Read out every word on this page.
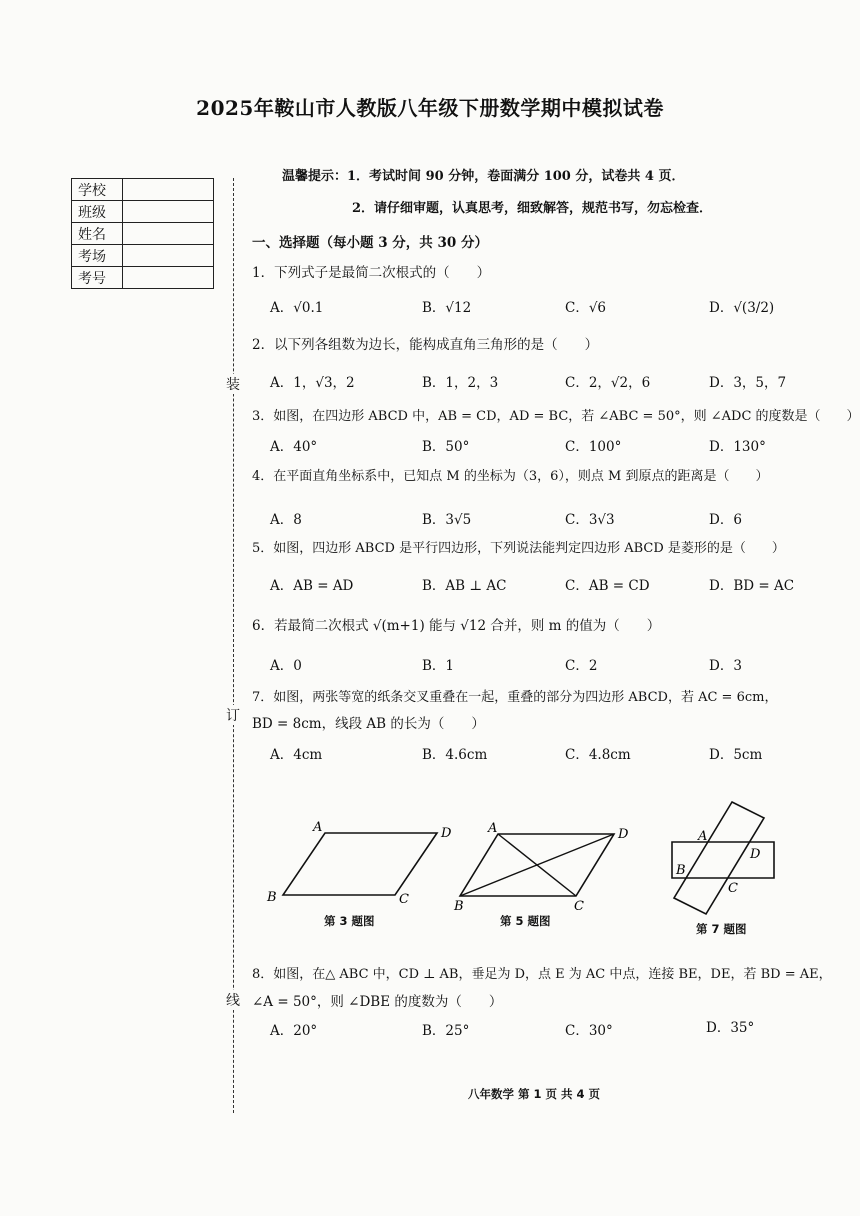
2025年鞍山市人教版八年级下册数学期中模拟试卷
温馨提示：1．考试时间 90 分钟，卷面满分 100 分，试卷共 4 页．
2．请仔细审题，认真思考，细致解答，规范书写，勿忘检查．
学校	
班级	
姓名	
考场	
考号	
装
订
线
一、选择题（每小题 3 分，共 30 分）
1．下列式子是最简二次根式的（　　）
A．√0.1	B．√12	C．√6	D．√(3/2)
2．以下列各组数为边长，能构成直角三角形的是（　　）
A．1，√3，2	B．1，2，3	C．2，√2，6	D．3，5，7
3．如图，在四边形 ABCD 中，AB = CD，AD = BC，若 ∠ABC = 50°，则 ∠ADC 的度数是（　　）
A．40°	B．50°	C．100°	D．130°
4．在平面直角坐标系中，已知点 M 的坐标为（3，6），则点 M 到原点的距离是（　　）
A．8	B．3√5	C．3√3	D．6
5．如图，四边形 ABCD 是平行四边形，下列说法能判定四边形 ABCD 是菱形的是（　　）
A．AB = AD	B．AB ⊥ AC	C．AB = CD	D．BD = AC
6．若最简二次根式 √(m+1) 能与 √12 合并，则 m 的值为（　　）
A．0	B．1	C．2	D．3
7．如图，两张等宽的纸条交叉重叠在一起，重叠的部分为四边形 ABCD，若 AC = 6cm，
BD = 8cm，线段 AB 的长为（　　）
A．4cm	B．4.6cm	C．4.8cm	D．5cm
A	D
B	C
第 3 题图
A	D
B	C
第 5 题图
A
D
B
C
第 7 题图
8．如图，在△ ABC 中，CD ⊥ AB，垂足为 D，点 E 为 AC 中点，连接 BE，DE，若 BD = AE，
∠A = 50°，则 ∠DBE 的度数为（　　）
A．20°	B．25°	C．30°	D．35°
八年数学 第 1 页 共 4 页
